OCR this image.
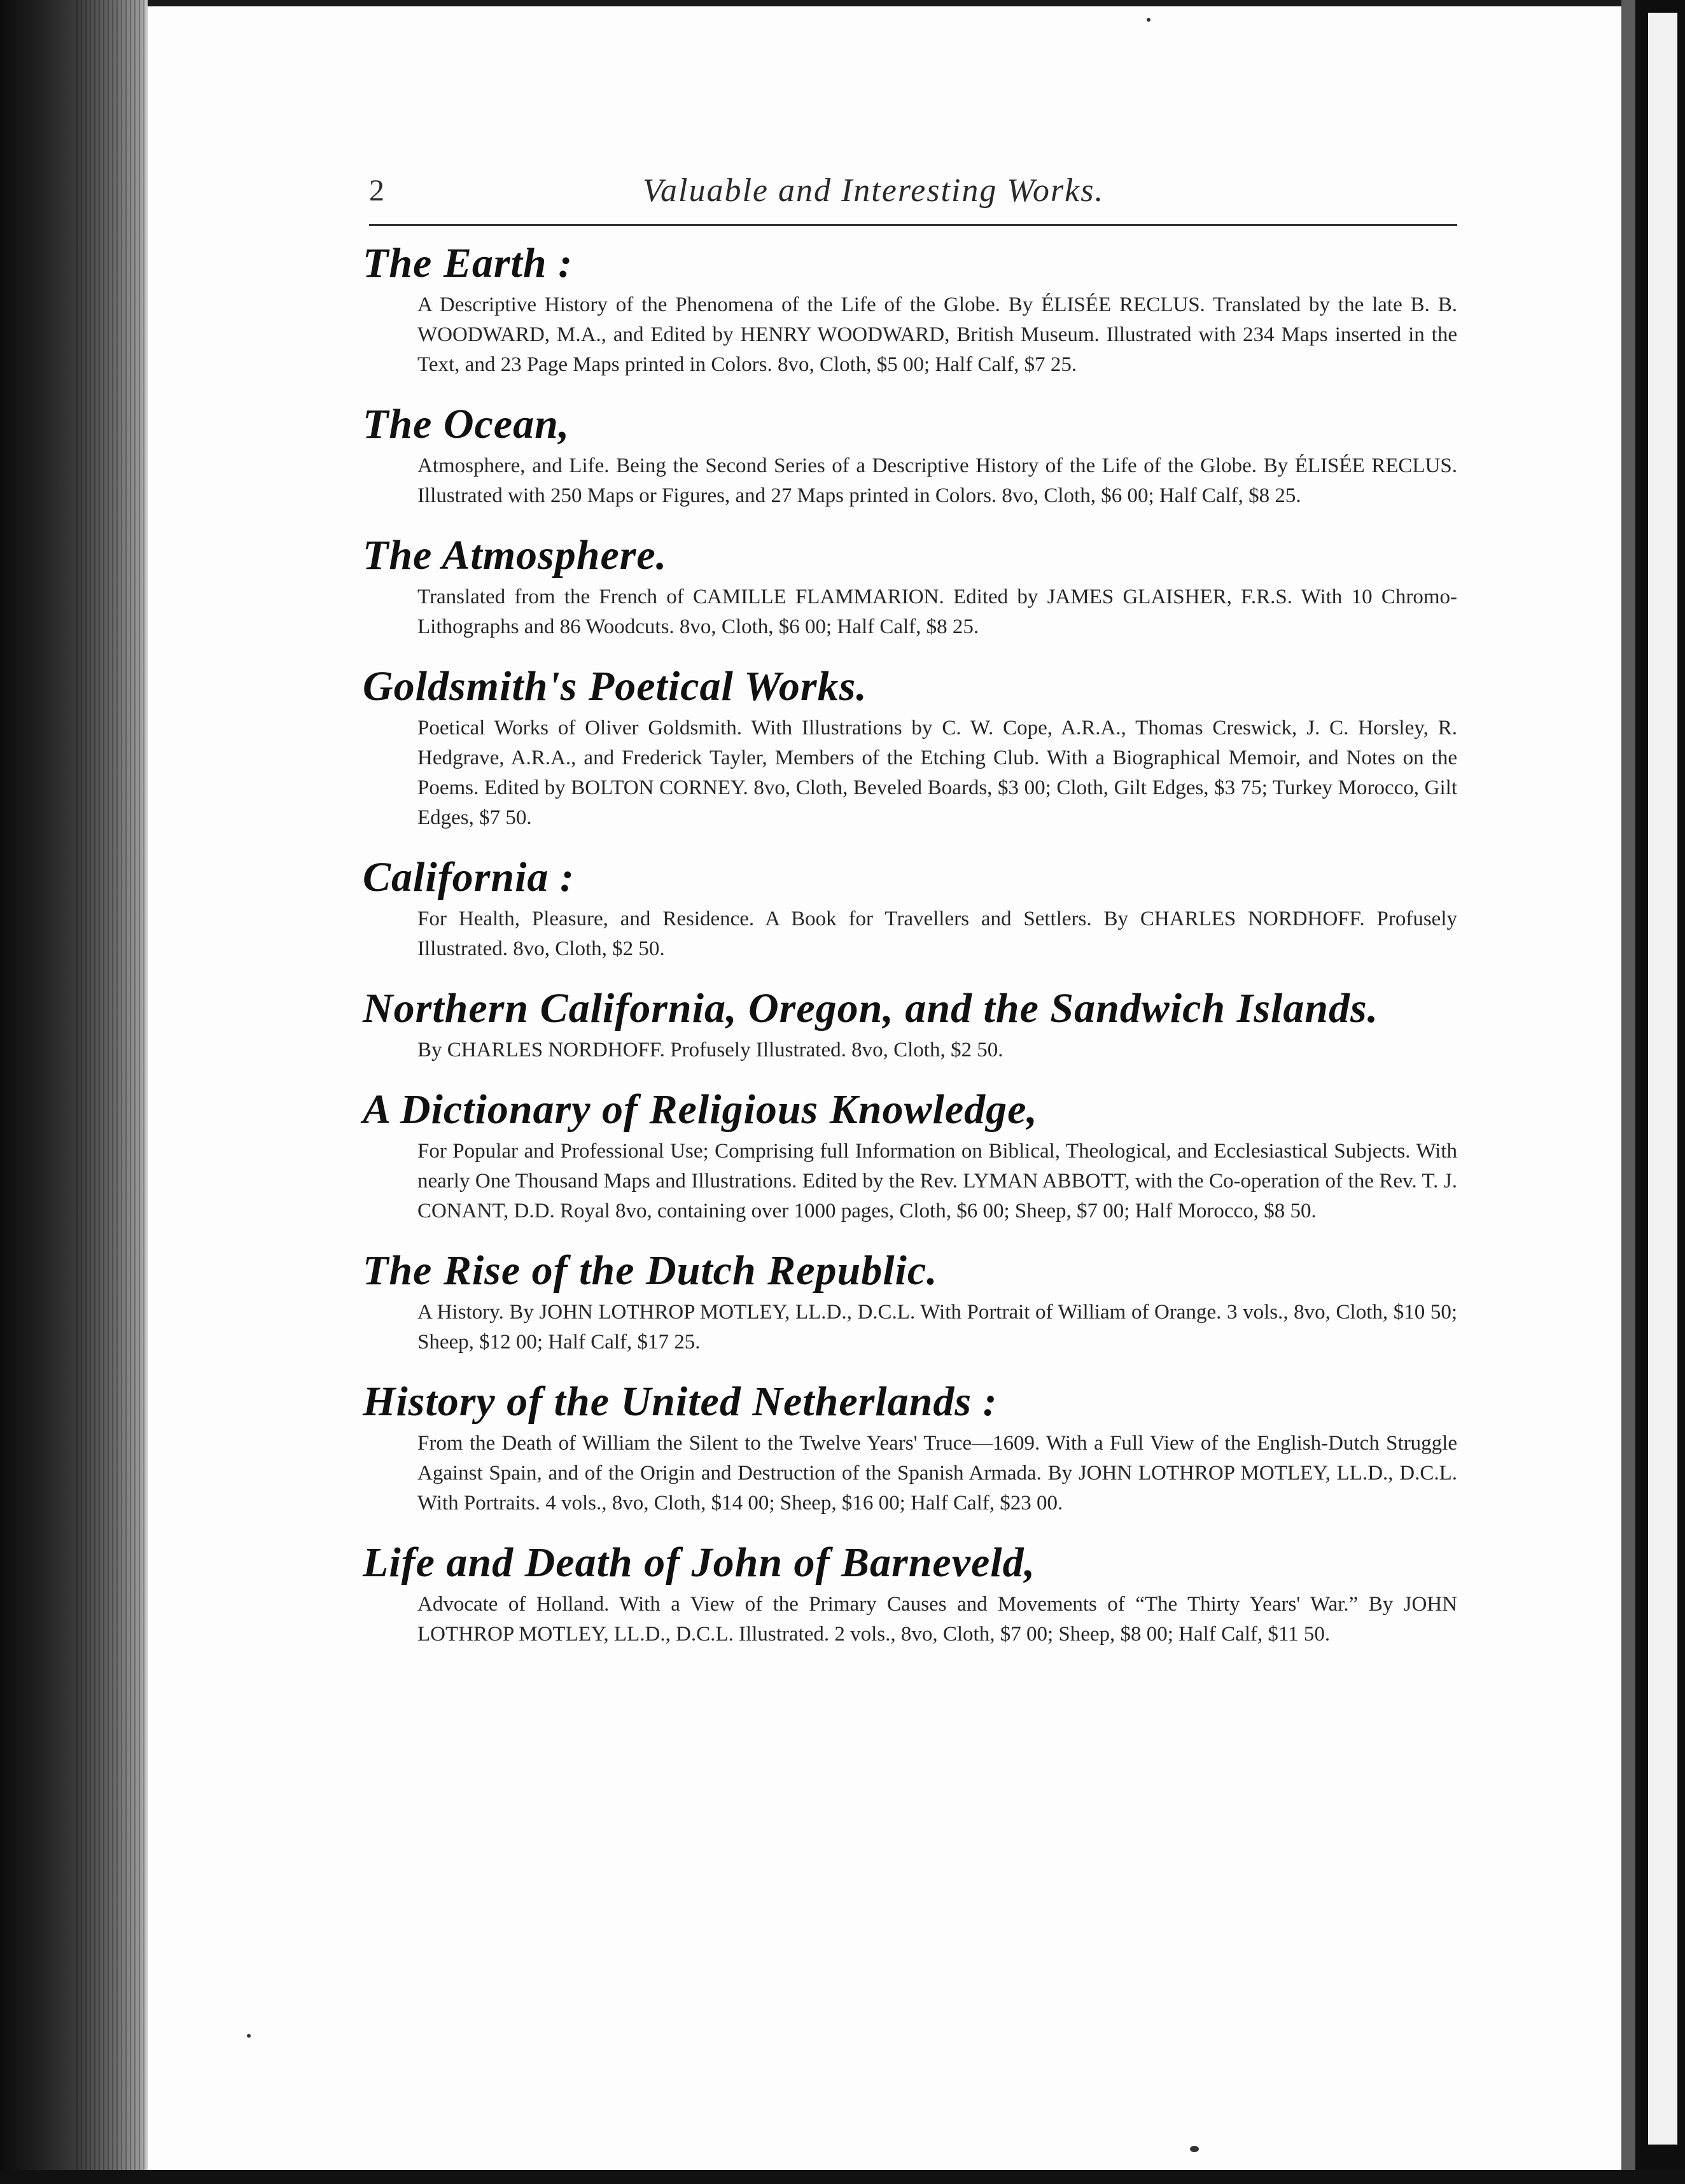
2	Valuable and Interesting Works.
The Earth :
A Descriptive History of the Phenomena of the Life of the Globe. By ÉLISÉE RECLUS. Translated by the late B. B. WOODWARD, M.A., and Edited by HENRY WOODWARD, British Museum. Illustrated with 234 Maps inserted in the Text, and 23 Page Maps printed in Colors. 8vo, Cloth, $5 00; Half Calf, $7 25.
The Ocean,
Atmosphere, and Life. Being the Second Series of a Descriptive History of the Life of the Globe. By ÉLISÉE RECLUS. Illustrated with 250 Maps or Figures, and 27 Maps printed in Colors. 8vo, Cloth, $6 00; Half Calf, $8 25.
The Atmosphere.
Translated from the French of CAMILLE FLAMMARION. Edited by JAMES GLAISHER, F.R.S. With 10 Chromo-Lithographs and 86 Woodcuts. 8vo, Cloth, $6 00; Half Calf, $8 25.
Goldsmith's Poetical Works.
Poetical Works of Oliver Goldsmith. With Illustrations by C. W. Cope, A.R.A., Thomas Creswick, J. C. Horsley, R. Hedgrave, A.R.A., and Frederick Tayler, Members of the Etching Club. With a Biographical Memoir, and Notes on the Poems. Edited by BOLTON CORNEY. 8vo, Cloth, Beveled Boards, $3 00; Cloth, Gilt Edges, $3 75; Turkey Morocco, Gilt Edges, $7 50.
California :
For Health, Pleasure, and Residence. A Book for Travellers and Settlers. By CHARLES NORDHOFF. Profusely Illustrated. 8vo, Cloth, $2 50.
Northern California, Oregon, and the Sandwich Islands.
By CHARLES NORDHOFF. Profusely Illustrated. 8vo, Cloth, $2 50.
A Dictionary of Religious Knowledge,
For Popular and Professional Use; Comprising full Information on Biblical, Theological, and Ecclesiastical Subjects. With nearly One Thousand Maps and Illustrations. Edited by the Rev. LYMAN ABBOTT, with the Co-operation of the Rev. T. J. CONANT, D.D. Royal 8vo, containing over 1000 pages, Cloth, $6 00; Sheep, $7 00; Half Morocco, $8 50.
The Rise of the Dutch Republic.
A History. By JOHN LOTHROP MOTLEY, LL.D., D.C.L. With Portrait of William of Orange. 3 vols., 8vo, Cloth, $10 50; Sheep, $12 00; Half Calf, $17 25.
History of the United Netherlands :
From the Death of William the Silent to the Twelve Years' Truce—1609. With a Full View of the English-Dutch Struggle Against Spain, and of the Origin and Destruction of the Spanish Armada. By JOHN LOTHROP MOTLEY, LL.D., D.C.L. With Portraits. 4 vols., 8vo, Cloth, $14 00; Sheep, $16 00; Half Calf, $23 00.
Life and Death of John of Barneveld,
Advocate of Holland. With a View of the Primary Causes and Movements of “The Thirty Years' War.” By JOHN LOTHROP MOTLEY, LL.D., D.C.L. Illustrated. 2 vols., 8vo, Cloth, $7 00; Sheep, $8 00; Half Calf, $11 50.
